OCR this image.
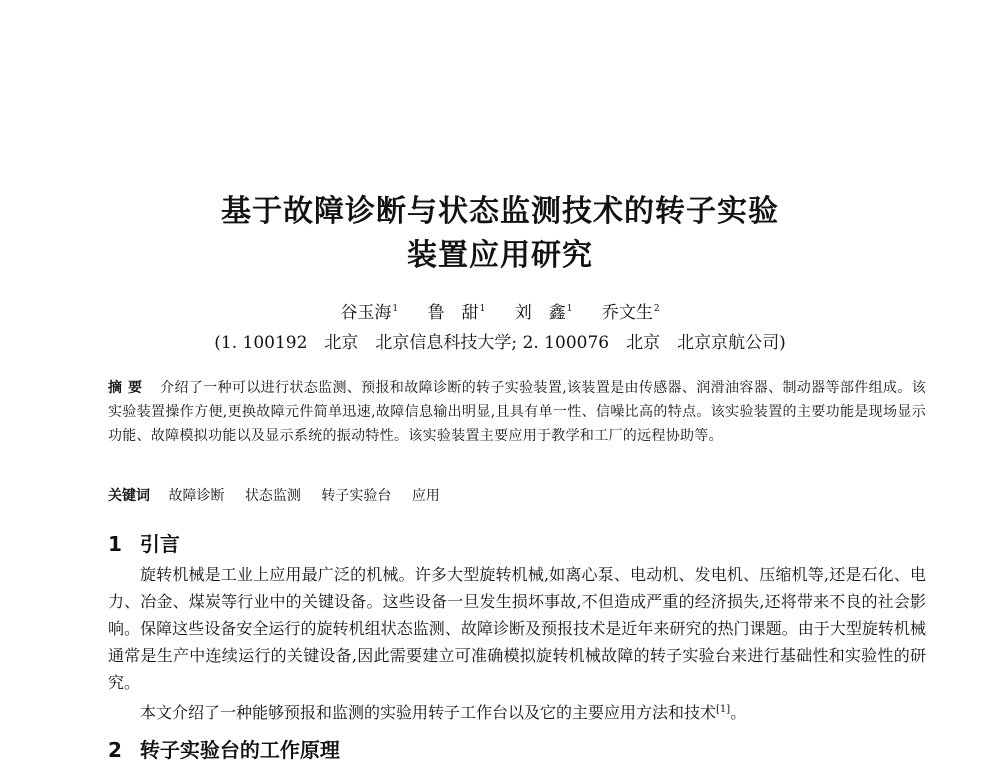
基于故障诊断与状态监测技术的转子实验
装置应用研究
谷玉海$^1$ 鲁　甜$^1$ 刘　鑫$^1$ 乔文生$^2$
(1. 100192　北京　北京信息科技大学; 2. 100076　北京　北京京航公司)
摘要 介绍了一种可以进行状态监测、预报和故障诊断的转子实验装置,该装置是由传感器、润滑油容器、制动器等部件组成。该实验装置操作方便,更换故障元件简单迅速,故障信息输出明显,且具有单一性、信噪比高的特点。该实验装置的主要功能是现场显示功能、故障模拟功能以及显示系统的振动特性。该实验装置主要应用于教学和工厂的远程协助等。
关键词 故障诊断 状态监测 转子实验台 应用
1 引言
旋转机械是工业上应用最广泛的机械。许多大型旋转机械,如离心泵、电动机、发电机、压缩机等,还是石化、电力、冶金、煤炭等行业中的关键设备。这些设备一旦发生损坏事故,不但造成严重的经济损失,还将带来不良的社会影响。保障这些设备安全运行的旋转机组状态监测、故障诊断及预报技术是近年来研究的热门课题。由于大型旋转机械通常是生产中连续运行的关键设备,因此需要建立可准确模拟旋转机械故障的转子实验台来进行基础性和实验性的研究。
本文介绍了一种能够预报和监测的实验用转子工作台以及它的主要应用方法和技术[1]。
2 转子实验台的工作原理
